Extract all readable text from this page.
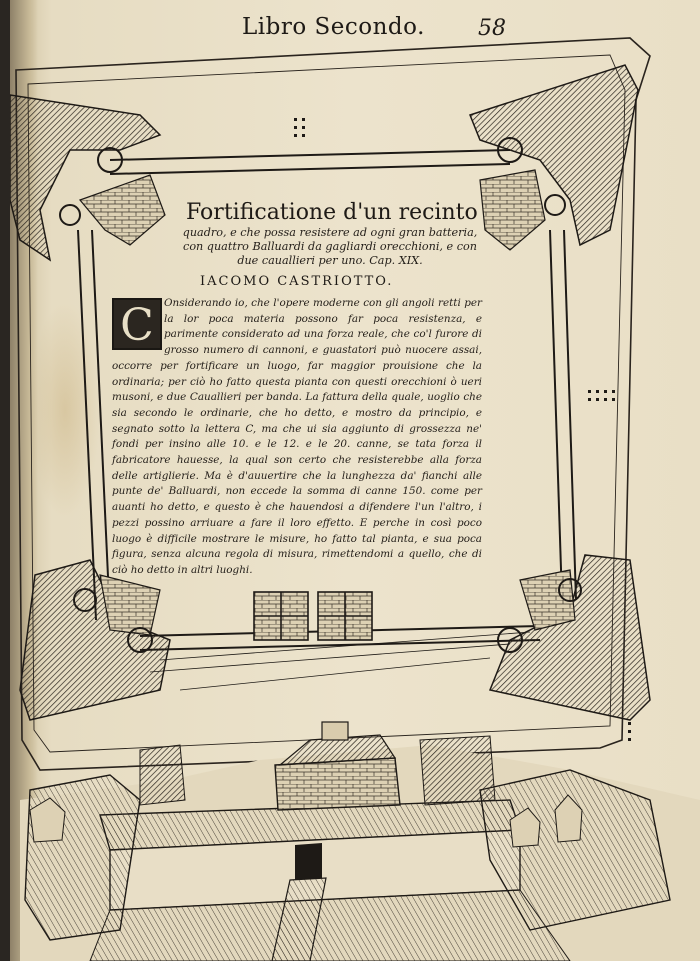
Libro Secondo. 58
Fortificatione d'un recinto
quadro, e che possa resistere ad ogni gran batteria, con quattro Balluardi da gagliardi orecchioni, e con due cauallieri per uno. Cap. XIX.
IACOMO CASTRIOTTO.
Onsiderando io, che l'opere moderne con gli angoli retti per la lor poca materia possono far poca resistenza, e parimente considerato ad una forza reale, che co'l furore di grosso numero di cannoni, e guastatori può nuocere assai, occorre per fortificare un luogo, far maggior prouisione che la ordinaria; per ciò ho fatto questa pianta con questi orecchioni ò ueri musoni, e due Cauallieri per banda. La fattura della quale, uoglio che sia secondo le ordinarie, che ho detto, e mostro da principio, e segnato sotto la lettera C, ma che ui sia aggiunto di grossezza ne' fondi per insino alle 10. e le 12. e le 20. canne, se tata forza il fabricatore hauesse, la qual son certo che resisterebbe alla forza delle artiglierie. Ma è d'auuertire che la lunghezza da' fianchi alle punte de' Balluardi, non eccede la somma di canne 150. come per auanti ho detto, e questo è che hauendosi a difendere l'un l'altro, i pezzi possino arriuare a fare il loro effetto. E perche in così poco luogo è difficile mostrare le misure, ho fatto tal pianta, e sua poca figura, senza alcuna regola di misura, rimettendomi a quello, che di ciò ho detto in altri luoghi.
C
